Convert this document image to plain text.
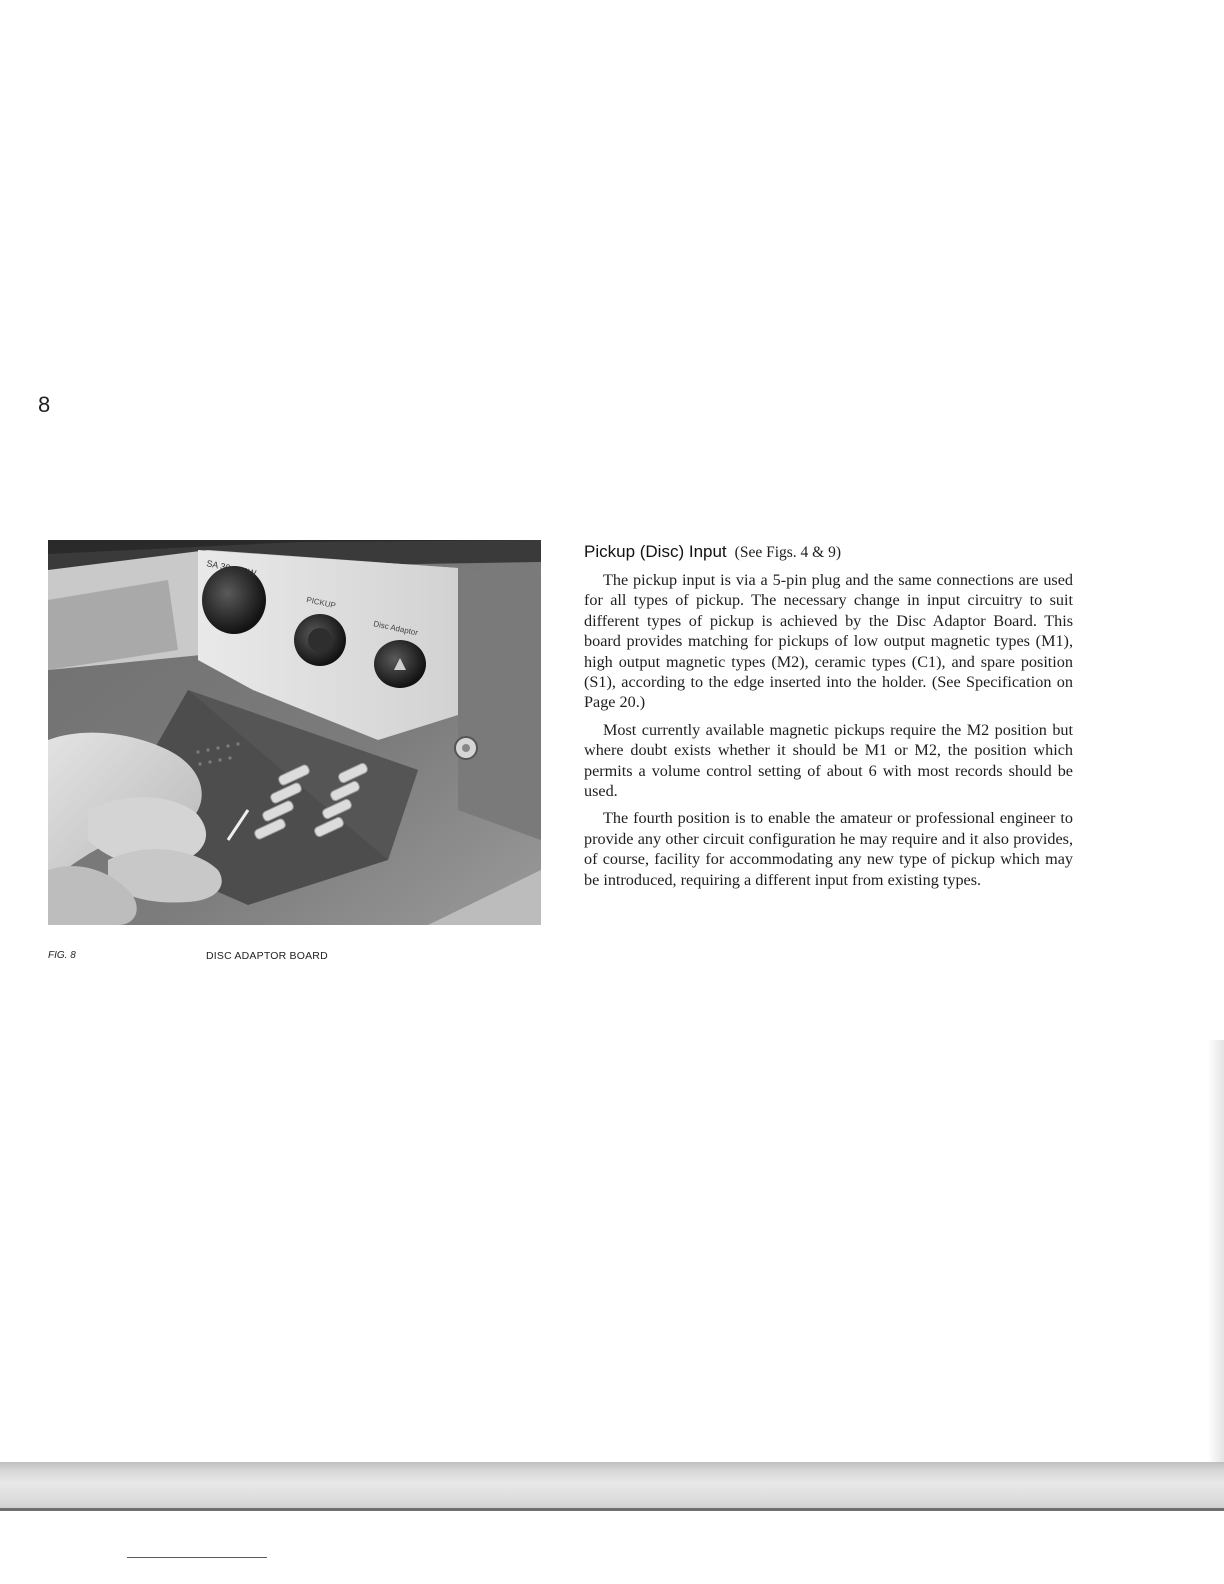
8
SA 30 - 40W
PICKUP
Disc Adaptor
FIG. 8	DISC ADAPTOR BOARD
Pickup (Disc) Input (See Figs. 4 & 9)

The pickup input is via a 5-pin plug and the same connections are used for all types of pickup. The necessary change in input circuitry to suit different types of pickup is achieved by the Disc Adaptor Board. This board provides matching for pickups of low output magnetic types (M1), high output magnetic types (M2), ceramic types (C1), and spare position (S1), according to the edge inserted into the holder. (See Specification on Page 20.)

Most currently available magnetic pickups require the M2 position but where doubt exists whether it should be M1 or M2, the position which permits a volume control setting of about 6 with most records should be used.

The fourth position is to enable the amateur or professional engineer to provide any other circuit configuration he may require and it also provides, of course, facility for accommodating any new type of pickup which may be introduced, requiring a different input from existing types.
